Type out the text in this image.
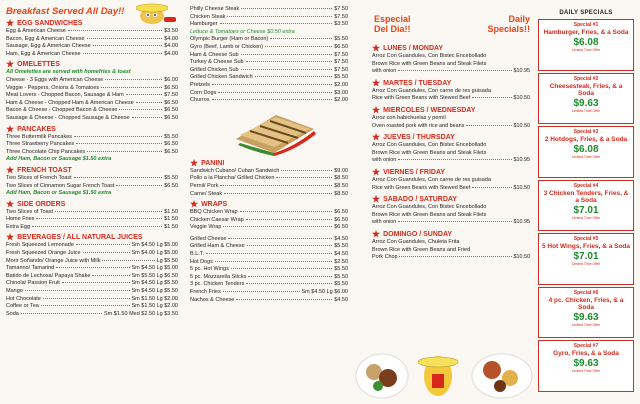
Breakfast Served All Day!!
★ EGG SANDWICHES
Egg & American Cheese	$3.50
Bacon, Egg & American Cheese	$4.00
Sausage, Egg & American Cheese	$4.00
Ham, Egg & American Cheese	$4.00
★ OMELETTES
All Omelettes are served with homefries & toast
Cheese - 3 Eggs with American Cheese	$6.00
Veggie - Peppers, Onions & Tomatoes	$6.50
Meat Lovers - Chopped Bacon, Sausage & Ham	$7.50
Ham & Cheese - Chopped Ham & American Cheese	$6.50
Bacon & Cheese - Chopped Bacon & Cheese	$6.50
Sausage & Cheese - Chopped Sausage & Cheese	$6.50
★ PANCAKES
Three Buttermilk Pancakes	$5.50
Three Strawberry Pancakes	$6.50
Three Chocolate Chip Pancakes	$6.50
Add Ham, Bacon or Sausage $1.50 extra
★ FRENCH TOAST
Two Slices of French Toast	$5.50
Two Slices of Cinnamon Sugar French Toast	$6.50
Add Ham, Bacon or Sausage $1.50 extra
★ SIDE ORDERS
Two Slices of Toast	$1.50
Home Fries	$1.50
Extra Egg	$1.50
★ BEVERAGES / ALL NATURAL JUICES
Fresh Squeezed Lemonade	Sm $4.50 Lg $5.00
Fresh Squeezed Orange Juice	Sm $4.00 Lg $5.00
Morir Soñando/ Orange Juice with Milk	Lg $5.50
Tamarino/ Tamarind	Sm $4.50 Lg $5.00
Batido de Lechosa/ Papaya Shake	Sm $5.50 Lg $6.50
Chinola/ Passion Fruit	Sm $4.50 Lg $5.50
Mango	Sm $4.50 Lg $5.50
Hot Chocolate	Sm $1.50 Lg $2.00
Coffee or Tea	Sm $1.50 Lg $2.00
Soda	Sm $1.50 Med $2.50 Lg $3.50
Philly Cheese Steak	$7.50
Chicken Steak	$7.50
Hamburger	$3.50
Lettuce & Tomatoes or Cheese $0.50 extra
Olympic Burger (Ham or Bacon)	$5.50
Gyro (Beef, Lamb or Chicken)	$6.50
Ham & Cheese Sub	$7.50
Turkey & Cheese Sub	$7.50
Grilled Chicken Sub	$7.50
Grilled Chicken Sandwich	$5.50
Pretzels	$2.00
Corn Dogs	$3.00
Churros	$2.00
★ PANINI
Sandwich Cubano/ Cuban Sandwich	$9.00
Pollo a la Plancha/ Grilled Chicken	$8.50
Pernil/ Pork	$8.50
Carne/ Steak	$8.50
★ WRAPS
BBQ Chicken Wrap	$6.50
Chicken Caesar Wrap	$6.50
Veggie Wrap	$6.50
Grilled Cheese	$4.50
Grilled Ham & Cheese	$5.50
B.L.T.	$4.50
Hot Dogs	$2.50
5 pc. Hot Wings	$5.50
5 pc. Mozzarella Sticks	$5.50
3 pc. Chicken Tenders	$5.50
French Fries	Sm $4.50 Lg $6.00
Nachos & Cheese	$4.50
Especial
Del Dia!!
Daily
Specials!!
★ LUNES / MONDAY
Arroz Con Guandules, Con Bistec Encebollado
Brown Rice with Green Beans and Steak Filets
with onion	$10.95
★ MARTES / TUESDAY
Arroz Con Guandules, Con carne de res guisada
Rice with Green Beans with Stewed Beef	$10.50
★ MIERCOLES / WEDNESDAY
Arroz con habichuelas y pernil
Oven roasted pork with rice and beans	$10.50
★ JUEVES / THURSDAY
Arroz Con Guandules, Con Bistec Encebollado
Brown Rice with Green Beans and Steak Filets
with onion	$10.95
★ VIERNES / FRIDAY
Arroz Con Guandules, Con carne de res guisada
Rice with Green Beans with Stewed Beef	$10.50
★ SABADO / SATURDAY
Arroz Con Guandules, Con Bistec Encebollado
Brown Rice with Green Beans and Steak Filets
with onion	$10.95
★ DOMINGO / SUNDAY
Arroz Con Guandules, Chuleta Frita
Brown Rice with Green Beans and Fried
Pork Chop	$10.50
DAILY SPECIALS
Special #1
Hamburger, Fries, & a Soda
$6.08
Limited Time Offer
Special #2
Cheesesteak, Fries, & a Soda
$9.63
Limited Time Offer
Special #3
2 Hotdogs, Fries, & a Soda
$6.08
Limited Time Offer
Special #4
3 Chicken Tenders, Fries, & a Soda
$7.01
Limited Time Offer
Special #5
5 Hot Wings, Fries, & a Soda
$7.01
Limited Time Offer
Special #6
4 pc. Chicken, Fries, & a Soda
$9.63
Limited Time Offer
Special #7
Gyro, Fries, & a Soda
$9.63
Limited Time Offer
